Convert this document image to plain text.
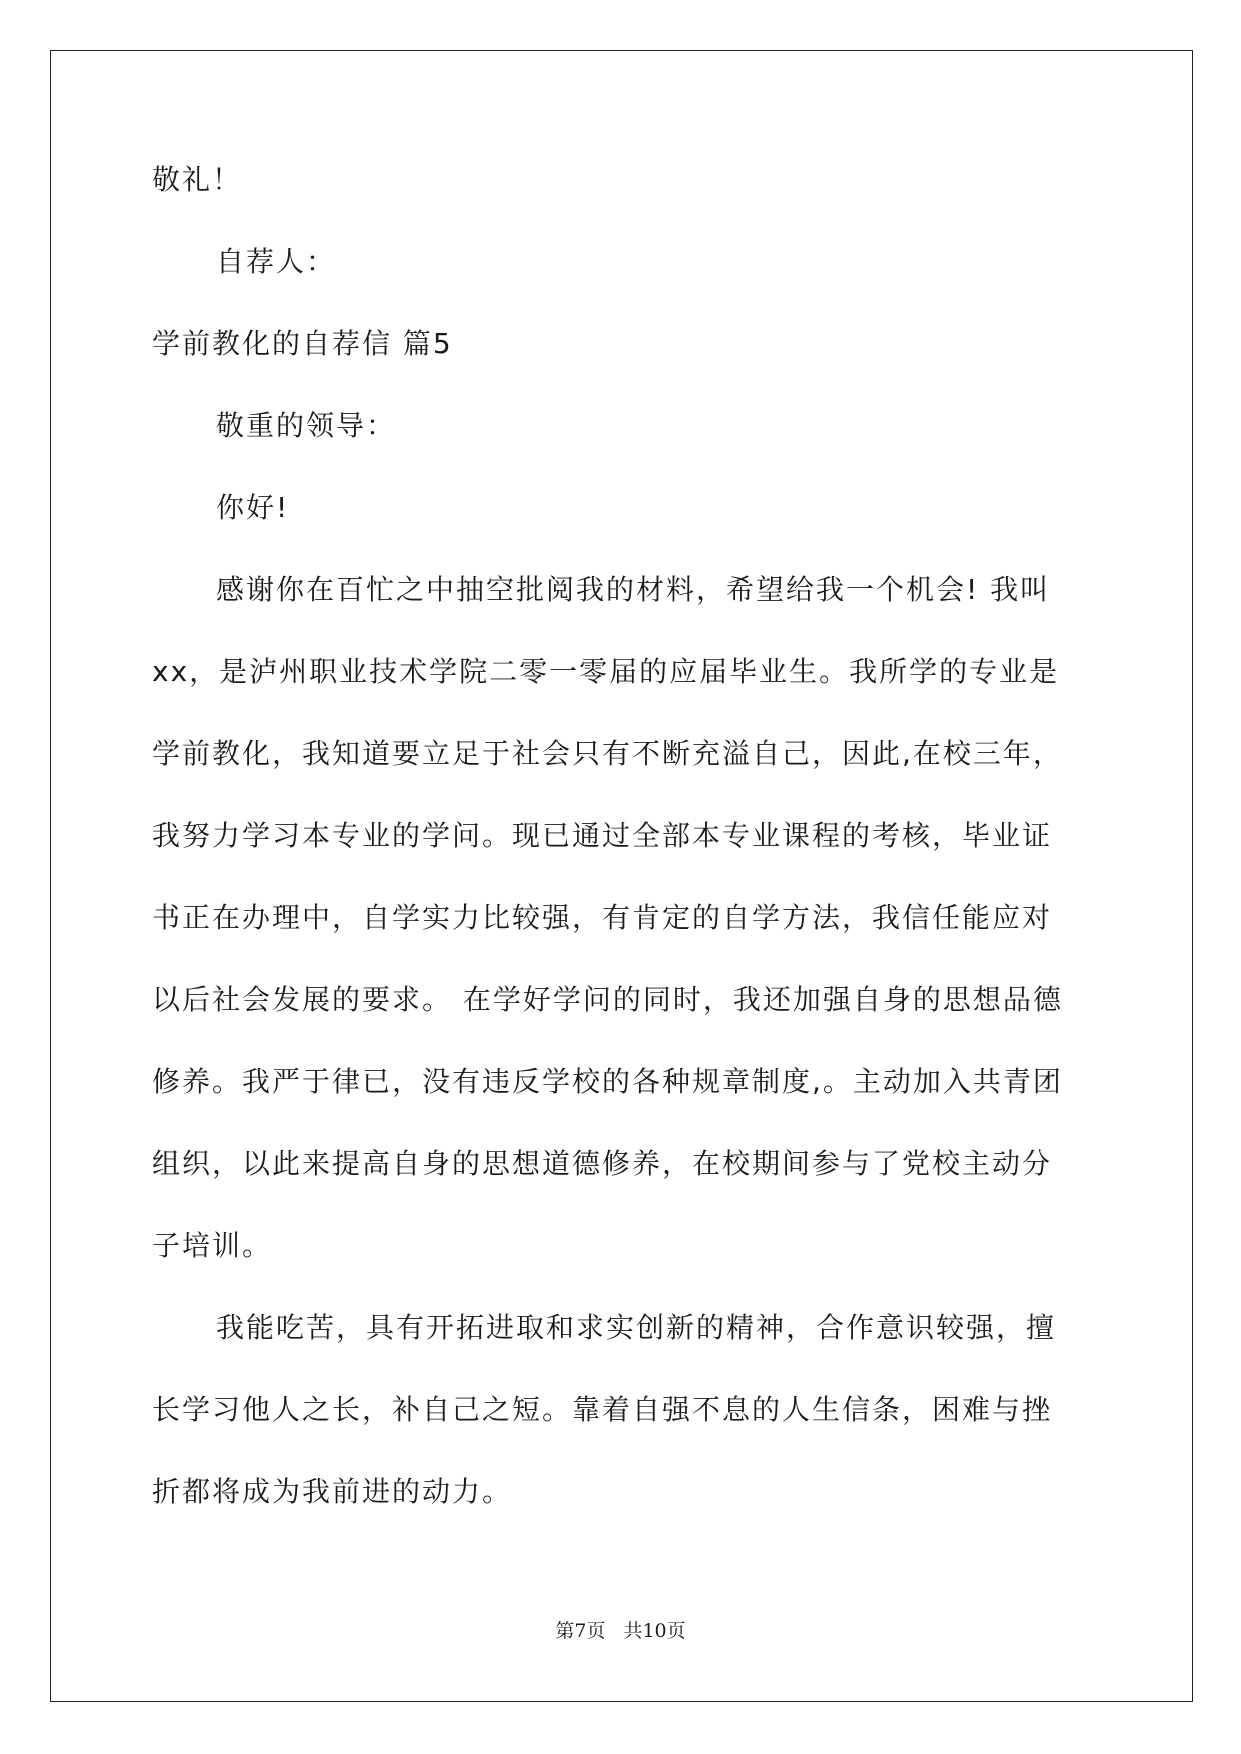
敬礼！

自荐人：

学前教化的自荐信 篇5

敬重的领导：

你好!

感谢你在百忙之中抽空批阅我的材料，希望给我一个机会! 我叫

xx，是泸州职业技术学院二零一零届的应届毕业生。我所学的专业是

学前教化，我知道要立足于社会只有不断充溢自己，因此,在校三年，

我努力学习本专业的学问。现已通过全部本专业课程的考核，毕业证

书正在办理中，自学实力比较强，有肯定的自学方法，我信任能应对

以后社会发展的要求。 在学好学问的同时，我还加强自身的思想品德

修养。我严于律已，没有违反学校的各种规章制度,。主动加入共青团

组织，以此来提高自身的思想道德修养，在校期间参与了党校主动分

子培训。

我能吃苦，具有开拓进取和求实创新的精神，合作意识较强，擅

长学习他人之长，补自己之短。靠着自强不息的人生信条，困难与挫

折都将成为我前进的动力。

第7页 共10页
